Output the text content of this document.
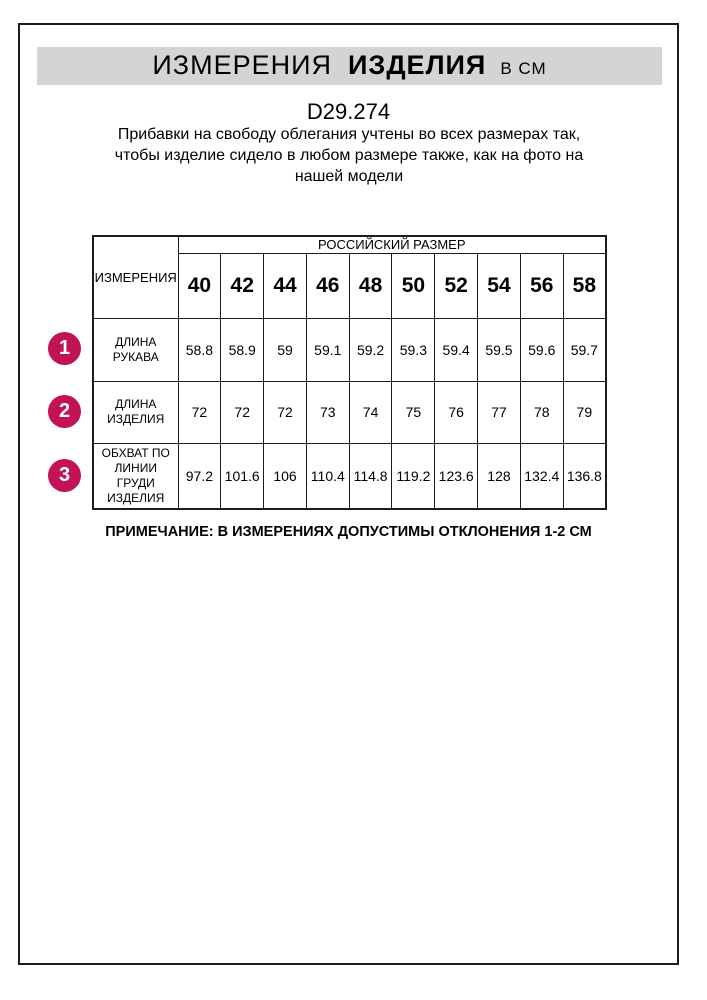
ИЗМЕРЕНИЯ ИЗДЕЛИЯ В СМ
D29.274

Прибавки на свободу облегания учтены во всех размерах так, чтобы изделие сидело в любом размере также, как на фото на нашей модели

ИЗМЕРЕНИЯ	РОССИЙСКИЙ РАЗМЕР									
	40	42	44	46	48	50	52	54	56	58
ДЛИНА РУКАВА	58.8	58.9	59	59.1	59.2	59.3	59.4	59.5	59.6	59.7
ДЛИНА ИЗДЕЛИЯ	72	72	72	73	74	75	76	77	78	79
ОБХВАТ ПО ЛИНИИ ГРУДИ ИЗДЕЛИЯ	97.2	101.6	106	110.4	114.8	119.2	123.6	128	132.4	136.8
1
2
3
ПРИМЕЧАНИЕ: В ИЗМЕРЕНИЯХ ДОПУСТИМЫ ОТКЛОНЕНИЯ 1-2 СМ
